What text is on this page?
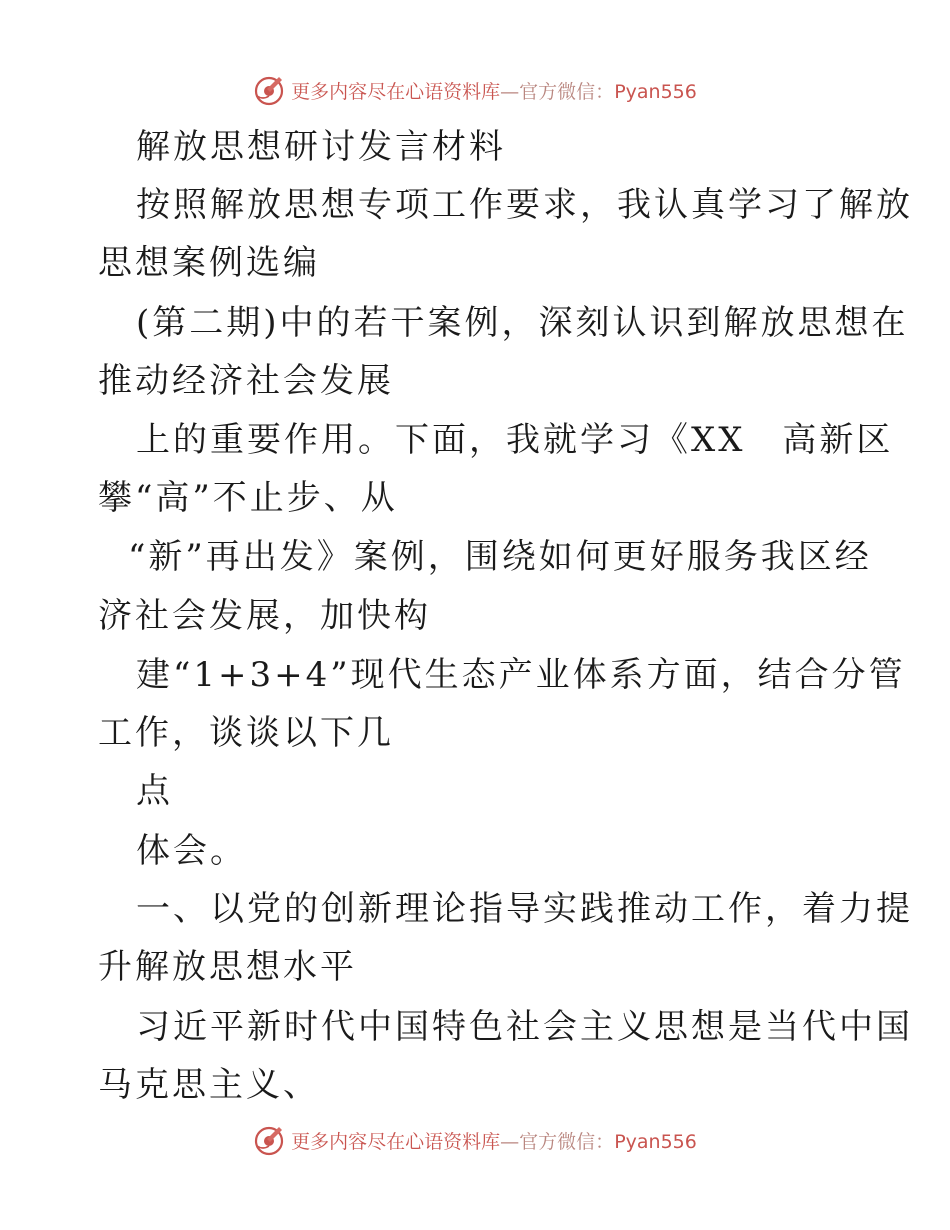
更多内容尽在心语资料库—官方微信：Pyan556
解放思想研讨发言材料
按照解放思想专项工作要求，我认真学习了解放
思想案例选编
(第二期)中的若干案例，深刻认识到解放思想在
推动经济社会发展
上的重要作用。下面，我就学习《XX　高新区
攀“高”不止步、从
“新”再出发》案例，围绕如何更好服务我区经
济社会发展，加快构
建“1+3+4”现代生态产业体系方面，结合分管
工作，谈谈以下几
点
体会。
一、以党的创新理论指导实践推动工作，着力提
升解放思想水平
习近平新时代中国特色社会主义思想是当代中国
马克思主义、
更多内容尽在心语资料库—官方微信：Pyan556
